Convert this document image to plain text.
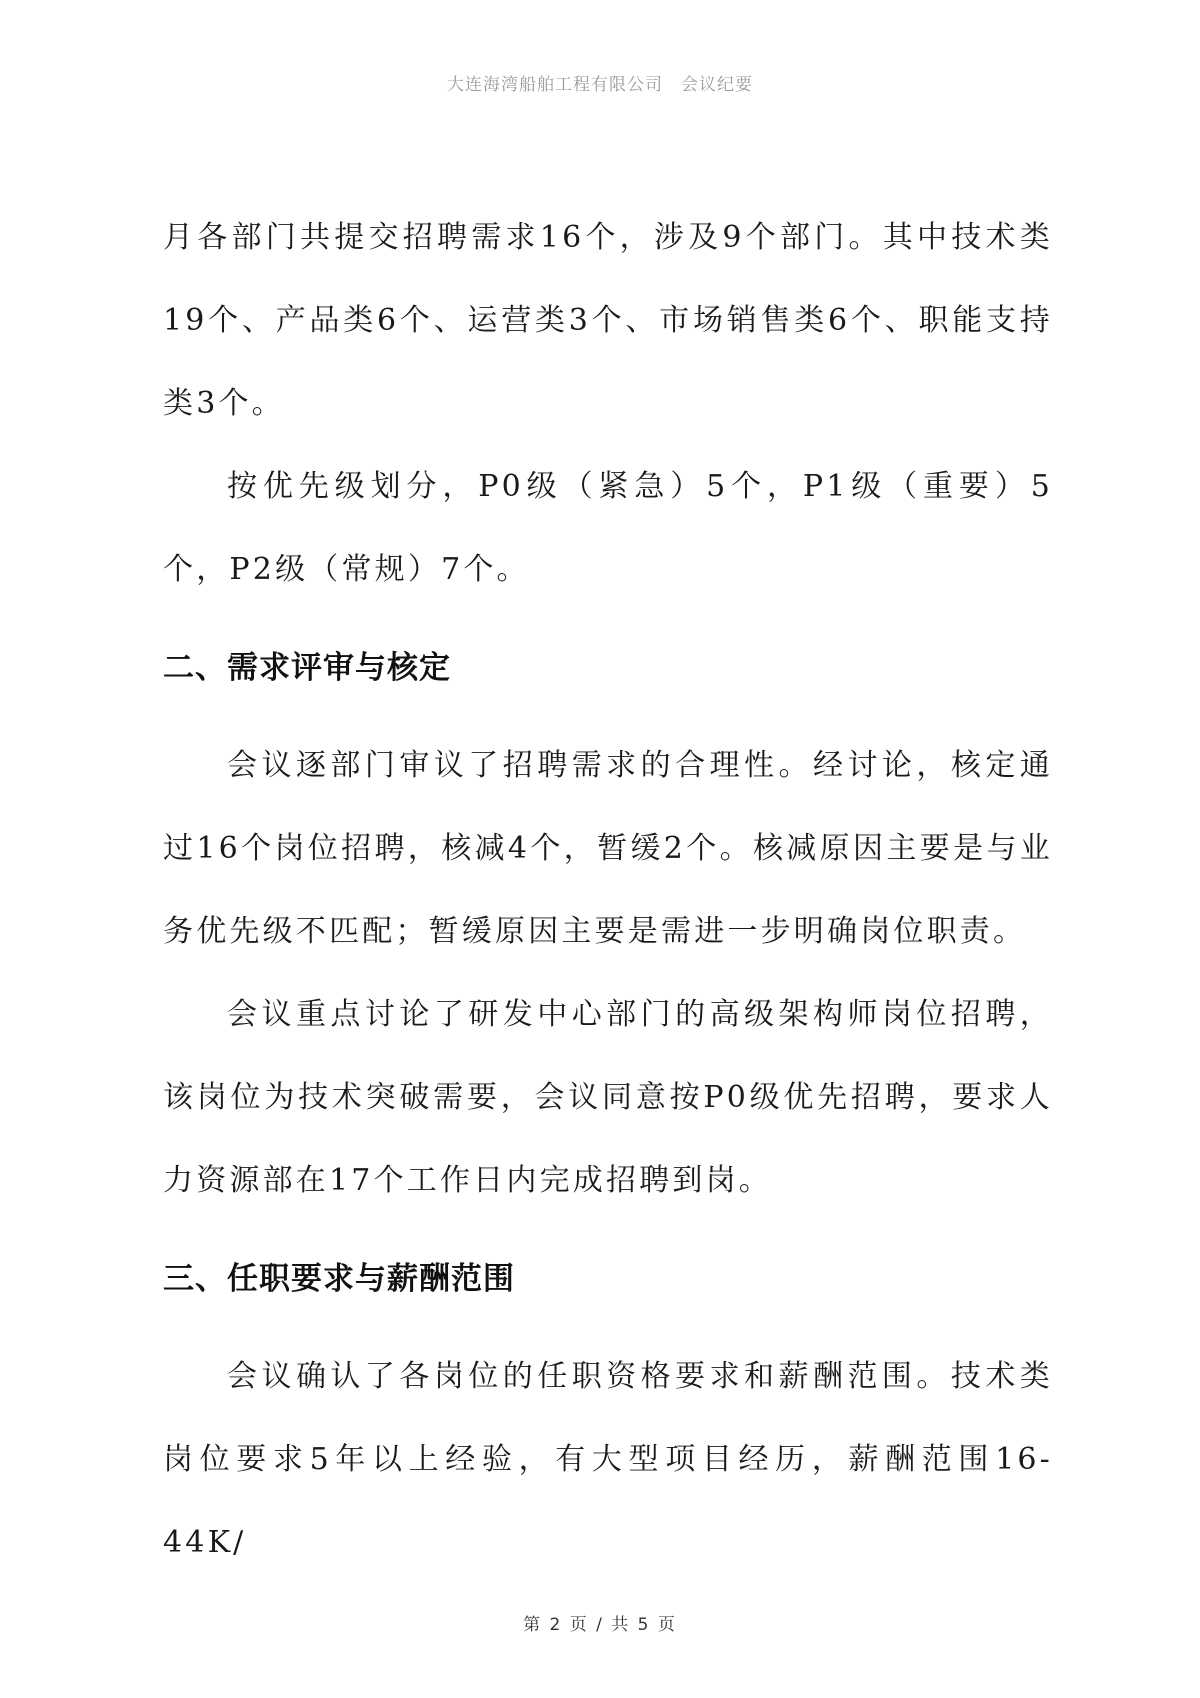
大连海湾船舶工程有限公司 会议纪要

月各部门共提交招聘需求16个，涉及9个部门。其中技术类19个、产品类6个、运营类3个、市场销售类6个、职能支持类3个。

按优先级划分，P0级（紧急）5个，P1级（重要）5个，P2级（常规）7个。

二、需求评审与核定

会议逐部门审议了招聘需求的合理性。经讨论，核定通过16个岗位招聘，核减4个，暂缓2个。核减原因主要是与业务优先级不匹配；暂缓原因主要是需进一步明确岗位职责。

会议重点讨论了研发中心部门的高级架构师岗位招聘，该岗位为技术突破需要，会议同意按P0级优先招聘，要求人力资源部在17个工作日内完成招聘到岗。

三、任职要求与薪酬范围

会议确认了各岗位的任职资格要求和薪酬范围。技术类岗位要求5年以上经验，有大型项目经历，薪酬范围16-44K/

第 2 页 / 共 5 页
